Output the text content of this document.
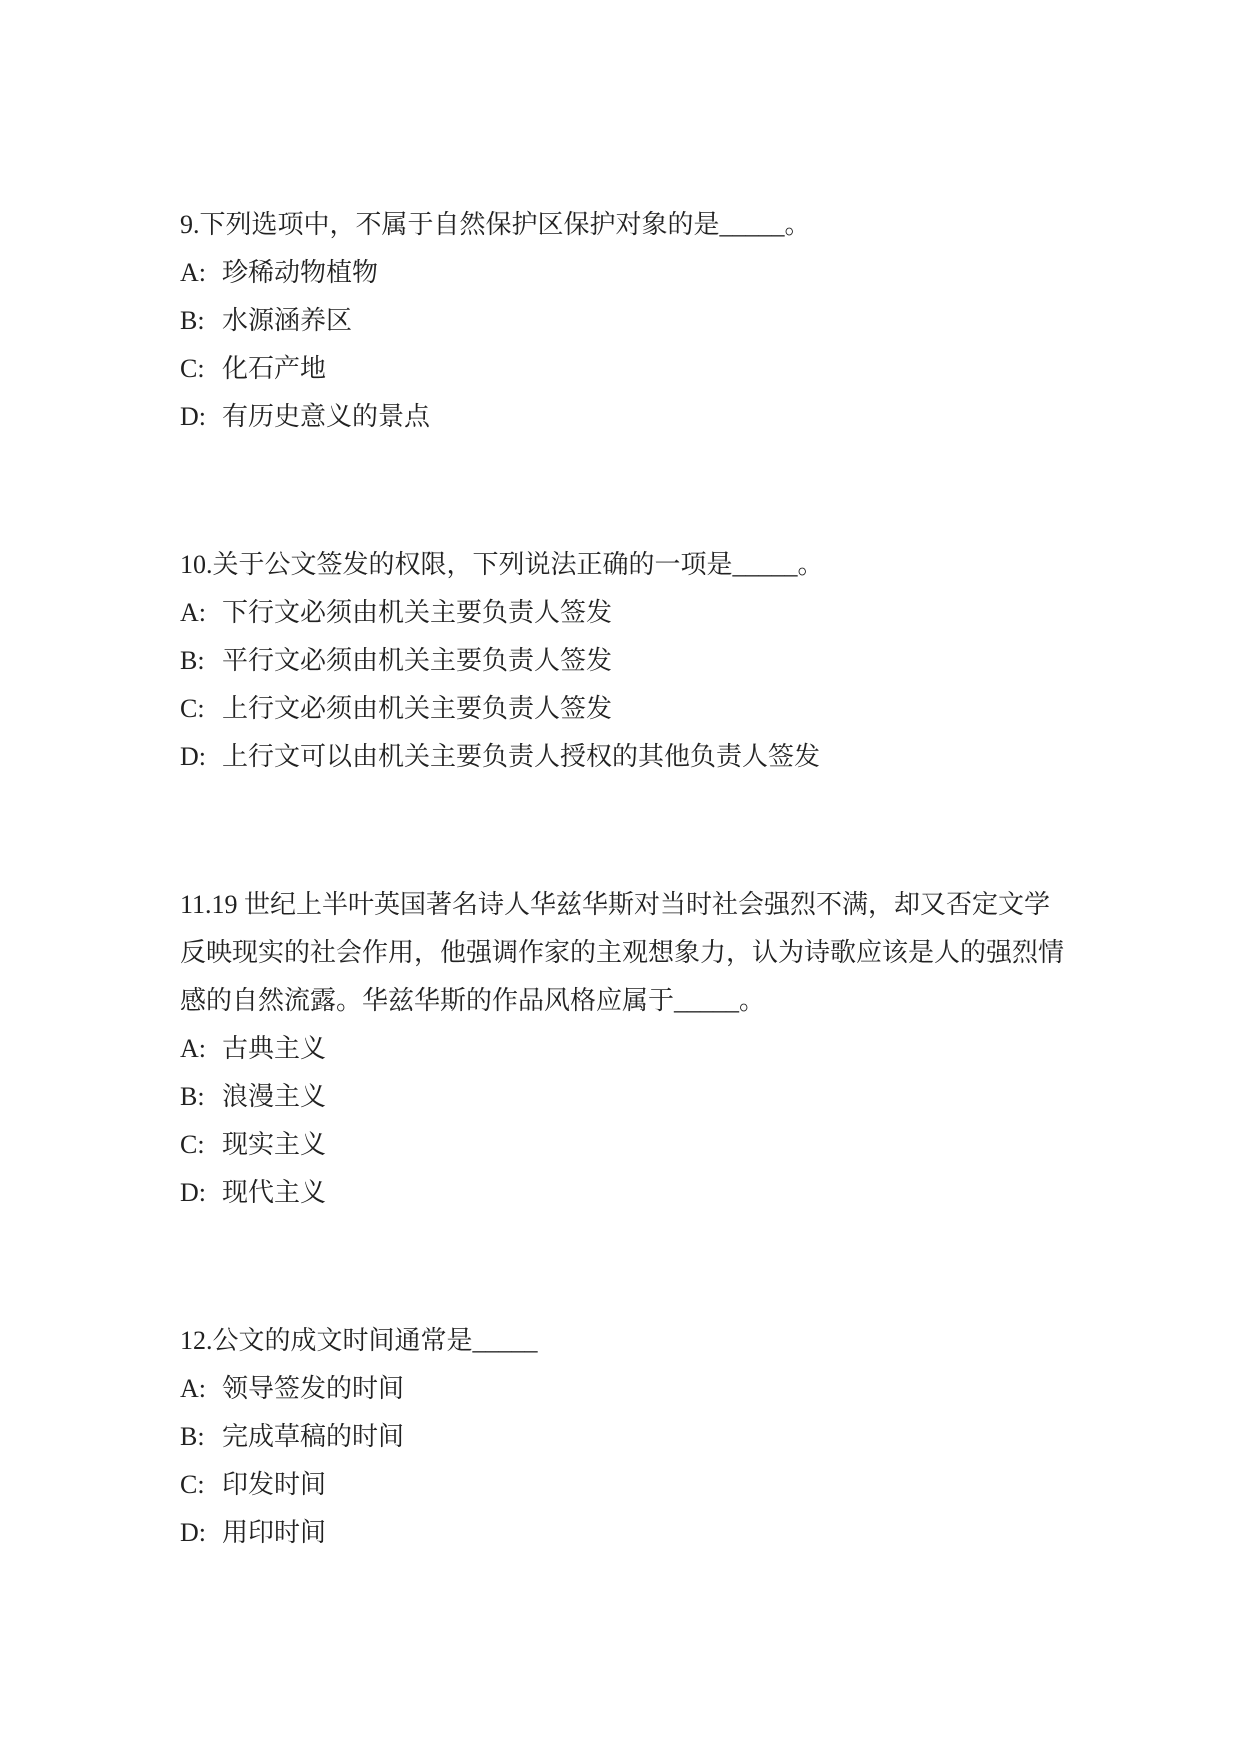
9.下列选项中，不属于自然保护区保护对象的是_____。
A: 珍稀动物植物
B: 水源涵养区
C: 化石产地
D: 有历史意义的景点
10.关于公文签发的权限，下列说法正确的一项是_____。
A: 下行文必须由机关主要负责人签发
B: 平行文必须由机关主要负责人签发
C: 上行文必须由机关主要负责人签发
D: 上行文可以由机关主要负责人授权的其他负责人签发
11.19 世纪上半叶英国著名诗人华兹华斯对当时社会强烈不满，却又否定文学
反映现实的社会作用，他强调作家的主观想象力，认为诗歌应该是人的强烈情
感的自然流露。华兹华斯的作品风格应属于_____。
A: 古典主义
B: 浪漫主义
C: 现实主义
D: 现代主义
12.公文的成文时间通常是_____
A: 领导签发的时间
B: 完成草稿的时间
C: 印发时间
D: 用印时间
